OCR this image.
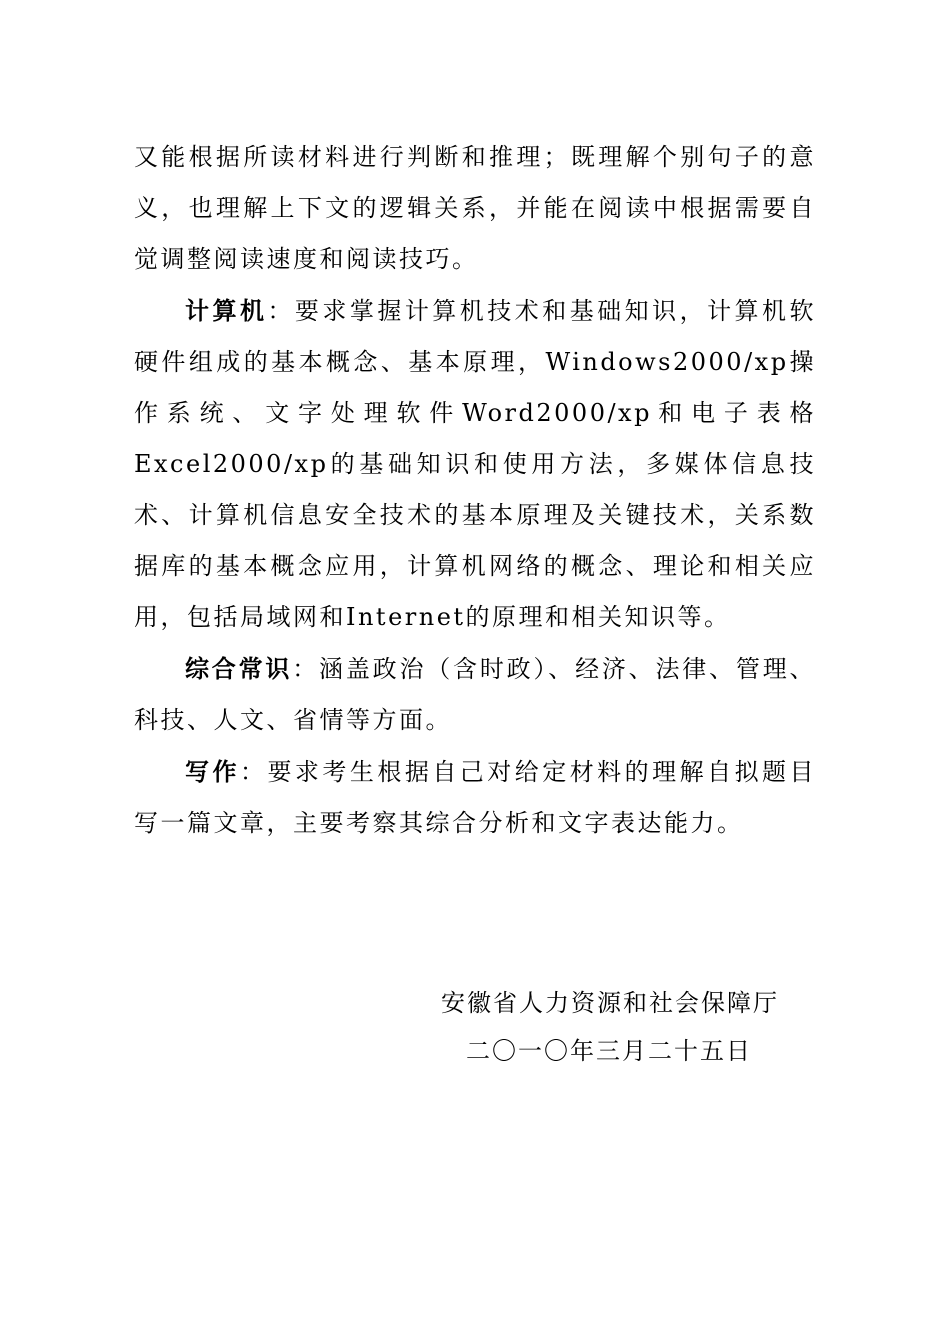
又能根据所读材料进行判断和推理；既理解个别句子的意义，也理解上下文的逻辑关系，并能在阅读中根据需要自觉调整阅读速度和阅读技巧。

计算机：要求掌握计算机技术和基础知识，计算机软硬件组成的基本概念、基本原理，Windows2000/xp操作系统、文字处理软件Word2000/xp和电子表格Excel2000/xp的基础知识和使用方法，多媒体信息技术、计算机信息安全技术的基本原理及关键技术，关系数据库的基本概念应用，计算机网络的概念、理论和相关应用，包括局域网和Internet的原理和相关知识等。

综合常识：涵盖政治（含时政）、经济、法律、管理、科技、人文、省情等方面。

写作：要求考生根据自己对给定材料的理解自拟题目写一篇文章，主要考察其综合分析和文字表达能力。

安徽省人力资源和社会保障厅
二〇一〇年三月二十五日
